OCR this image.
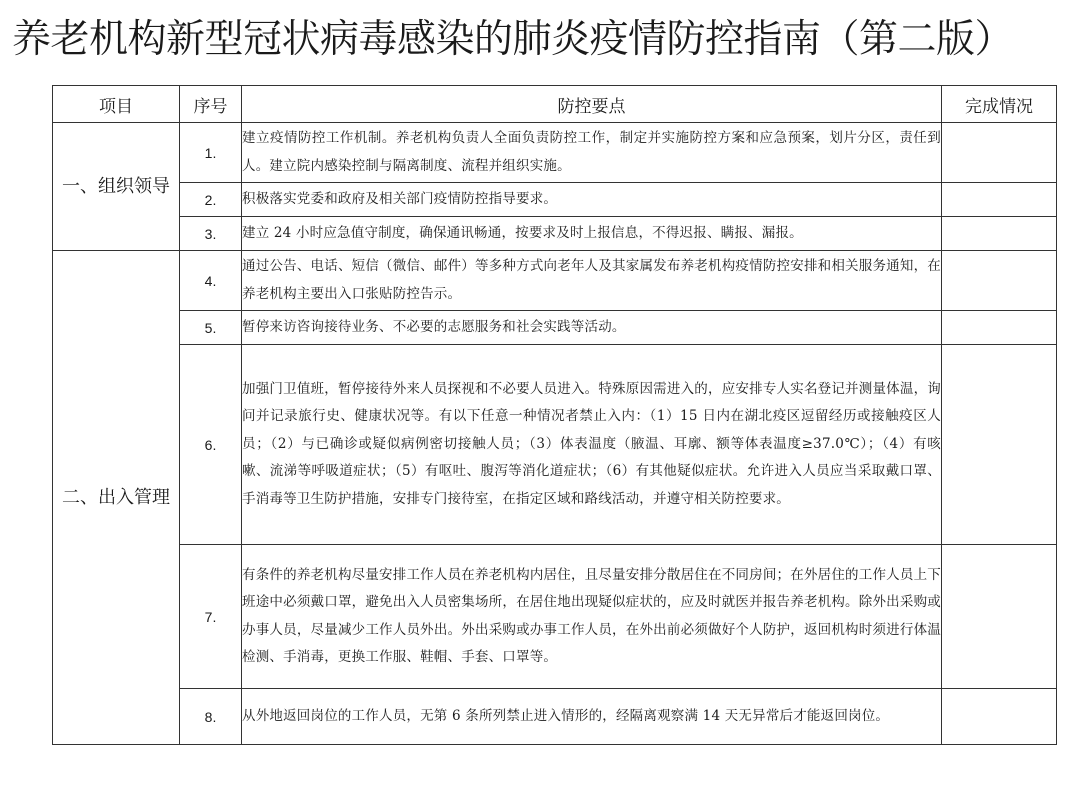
养老机构新型冠状病毒感染的肺炎疫情防控指南（第二版）
项目	序号	防控要点	完成情况
一、组织领导	1.	建立疫情防控工作机制。养老机构负责人全面负责防控工作，制定并实施防控方案和应急预案，划片分区，责任到人。建立院内感染控制与隔离制度、流程并组织实施。	
	2.	积极落实党委和政府及相关部门疫情防控指导要求。	
	3.	建立 24 小时应急值守制度，确保通讯畅通，按要求及时上报信息，不得迟报、瞒报、漏报。	
二、出入管理	4.	通过公告、电话、短信（微信、邮件）等多种方式向老年人及其家属发布养老机构疫情防控安排和相关服务通知，在养老机构主要出入口张贴防控告示。	
	5.	暂停来访咨询接待业务、不必要的志愿服务和社会实践等活动。	
	6.	加强门卫值班，暂停接待外来人员探视和不必要人员进入。特殊原因需进入的，应安排专人实名登记并测量体温，询问并记录旅行史、健康状况等。有以下任意一种情况者禁止入内：（1）15 日内在湖北疫区逗留经历或接触疫区人员；（2）与已确诊或疑似病例密切接触人员；（3）体表温度（腋温、耳廓、额等体表温度≥37.0℃）；（4）有咳嗽、流涕等呼吸道症状；（5）有呕吐、腹泻等消化道症状；（6）有其他疑似症状。允许进入人员应当采取戴口罩、手消毒等卫生防护措施，安排专门接待室，在指定区域和路线活动，并遵守相关防控要求。	
	7.	有条件的养老机构尽量安排工作人员在养老机构内居住，且尽量安排分散居住在不同房间；在外居住的工作人员上下班途中必须戴口罩，避免出入人员密集场所，在居住地出现疑似症状的，应及时就医并报告养老机构。除外出采购或办事人员，尽量减少工作人员外出。外出采购或办事工作人员，在外出前必须做好个人防护，返回机构时须进行体温检测、手消毒，更换工作服、鞋帽、手套、口罩等。	
	8.	从外地返回岗位的工作人员，无第 6 条所列禁止进入情形的，经隔离观察满 14 天无异常后才能返回岗位。	
